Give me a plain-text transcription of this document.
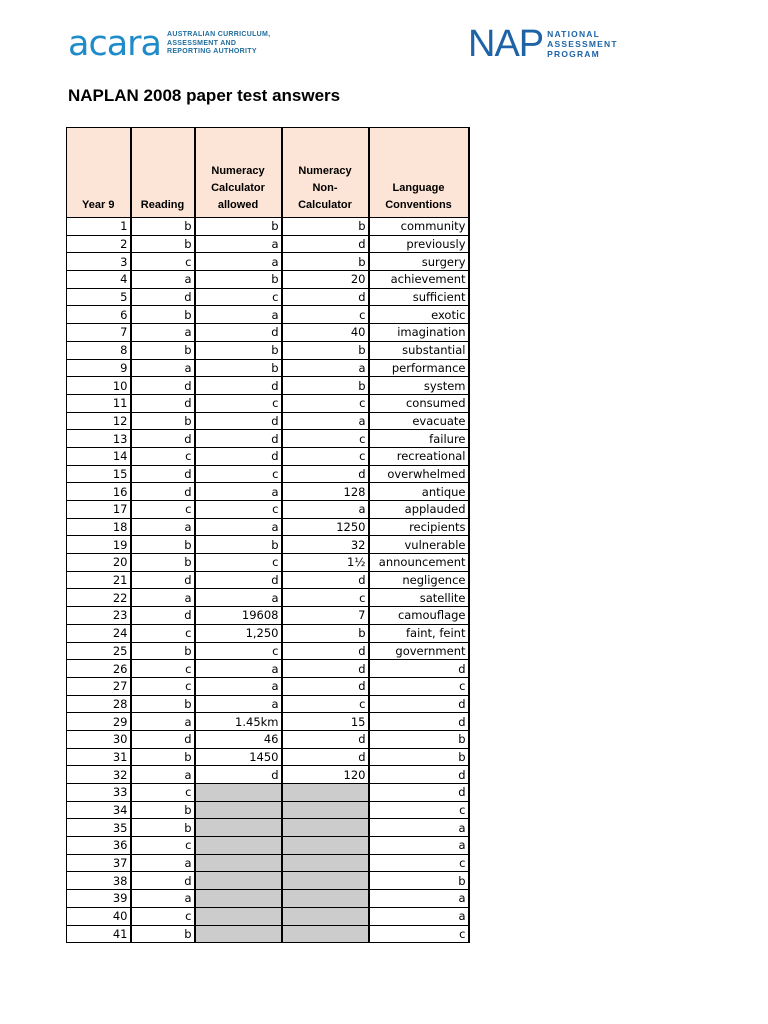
acara AUSTRALIAN CURRICULUM,
ASSESSMENT AND
REPORTING AUTHORITY	NAP NATIONAL
ASSESSMENT
PROGRAM
NAPLAN 2008 paper test answers
Year 9	Reading	Numeracy
Calculator
allowed	Numeracy
Non-
Calculator	Language
Conventions
1	b	b	b	community
2	b	a	d	previously
3	c	a	b	surgery
4	a	b	20	achievement
5	d	c	d	sufficient
6	b	a	c	exotic
7	a	d	40	imagination
8	b	b	b	substantial
9	a	b	a	performance
10	d	d	b	system
11	d	c	c	consumed
12	b	d	a	evacuate
13	d	d	c	failure
14	c	d	c	recreational
15	d	c	d	overwhelmed
16	d	a	128	antique
17	c	c	a	applauded
18	a	a	1250	recipients
19	b	b	32	vulnerable
20	b	c	1½	announcement
21	d	d	d	negligence
22	a	a	c	satellite
23	d	19608	7	camouflage
24	c	1,250	b	faint, feint
25	b	c	d	government
26	c	a	d	d
27	c	a	d	c
28	b	a	c	d
29	a	1.45km	15	d
30	d	46	d	b
31	b	1450	d	b
32	a	d	120	d
33	c			d
34	b			c
35	b			a
36	c			a
37	a			c
38	d			b
39	a			a
40	c			a
41	b			c
